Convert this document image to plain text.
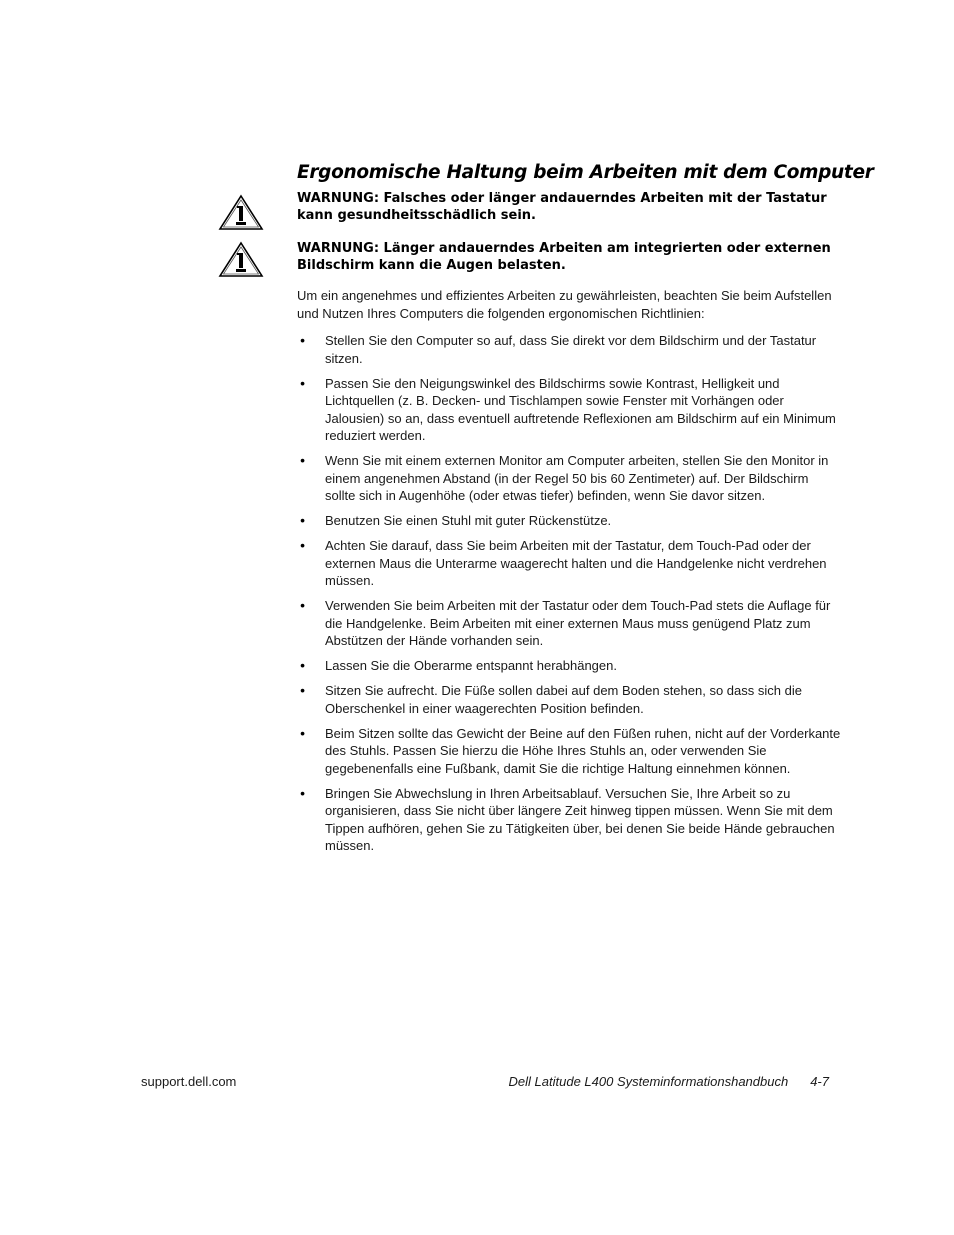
Ergonomische Haltung beim Arbeiten mit dem Computer
WARNUNG: Falsches oder länger andauerndes Arbeiten mit der Tastatur kann gesundheitsschädlich sein.
WARNUNG: Länger andauerndes Arbeiten am integrierten oder externen Bildschirm kann die Augen belasten.

Um ein angenehmes und effizientes Arbeiten zu gewährleisten, beachten Sie beim Aufstellen und Nutzen Ihres Computers die folgenden ergonomischen Richtlinien:

• Stellen Sie den Computer so auf, dass Sie direkt vor dem Bildschirm und der Tastatur sitzen.
• Passen Sie den Neigungswinkel des Bildschirms sowie Kontrast, Helligkeit und Lichtquellen (z. B. Decken- und Tischlampen sowie Fenster mit Vorhängen oder Jalousien) so an, dass eventuell auftretende Reflexionen am Bildschirm auf ein Minimum reduziert werden.
• Wenn Sie mit einem externen Monitor am Computer arbeiten, stellen Sie den Monitor in einem angenehmen Abstand (in der Regel 50 bis 60 Zentimeter) auf. Der Bildschirm sollte sich in Augenhöhe (oder etwas tiefer) befinden, wenn Sie davor sitzen.
• Benutzen Sie einen Stuhl mit guter Rückenstütze.
• Achten Sie darauf, dass Sie beim Arbeiten mit der Tastatur, dem Touch-Pad oder der externen Maus die Unterarme waagerecht halten und die Handgelenke nicht verdrehen müssen.
• Verwenden Sie beim Arbeiten mit der Tastatur oder dem Touch-Pad stets die Auflage für die Handgelenke. Beim Arbeiten mit einer externen Maus muss genügend Platz zum Abstützen der Hände vorhanden sein.
• Lassen Sie die Oberarme entspannt herabhängen.
• Sitzen Sie aufrecht. Die Füße sollen dabei auf dem Boden stehen, so dass sich die Oberschenkel in einer waagerechten Position befinden.
• Beim Sitzen sollte das Gewicht der Beine auf den Füßen ruhen, nicht auf der Vorderkante des Stuhls. Passen Sie hierzu die Höhe Ihres Stuhls an, oder verwenden Sie gegebenenfalls eine Fußbank, damit Sie die richtige Haltung einnehmen können.
• Bringen Sie Abwechslung in Ihren Arbeitsablauf. Versuchen Sie, Ihre Arbeit so zu organisieren, dass Sie nicht über längere Zeit hinweg tippen müssen. Wenn Sie mit dem Tippen aufhören, gehen Sie zu Tätigkeiten über, bei denen Sie beide Hände gebrauchen müssen.
support.dell.com	Dell Latitude L400 Systeminformationshandbuch 4-7
